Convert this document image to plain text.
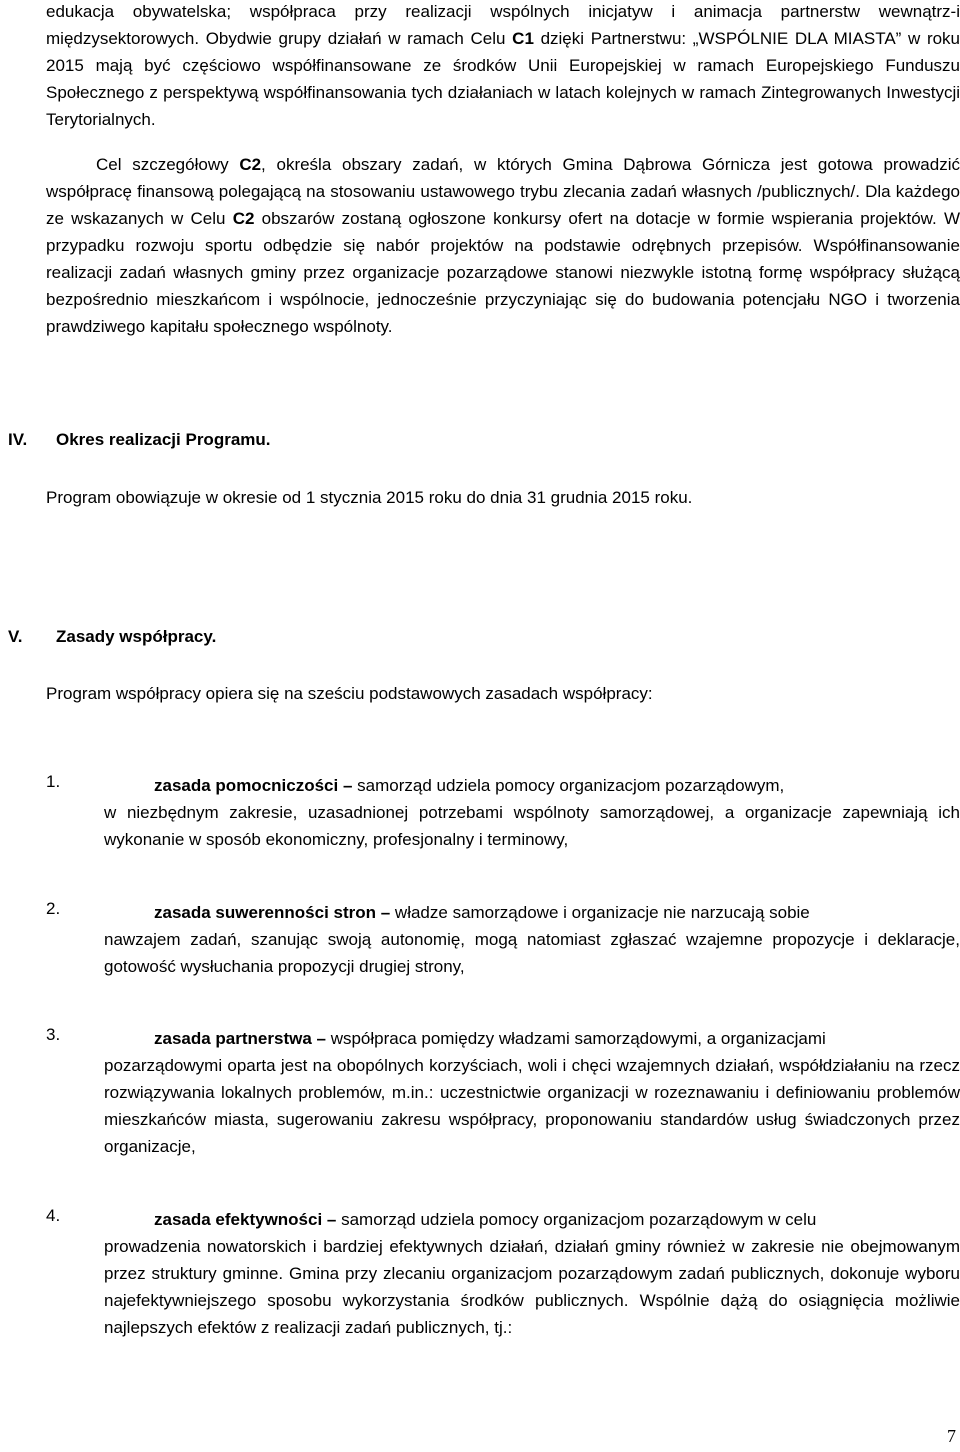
edukacja obywatelska; współpraca przy realizacji wspólnych inicjatyw i animacja partnerstw wewnątrz-i międzysektorowych. Obydwie grupy działań w ramach Celu C1 dzięki Partnerstwu: „WSPÓLNIE DLA MIASTA” w roku 2015 mają być częściowo współfinansowane ze środków Unii Europejskiej w ramach Europejskiego Funduszu Społecznego z perspektywą współfinansowania tych działaniach w latach kolejnych w ramach Zintegrowanych Inwestycji Terytorialnych.

Cel szczegółowy C2, określa obszary zadań, w których Gmina Dąbrowa Górnicza jest gotowa prowadzić współpracę finansową polegającą na stosowaniu ustawowego trybu zlecania zadań własnych /publicznych/. Dla każdego ze wskazanych w Celu C2 obszarów zostaną ogłoszone konkursy ofert na dotacje w formie wspierania projektów. W przypadku rozwoju sportu odbędzie się nabór projektów na podstawie odrębnych przepisów. Współfinansowanie realizacji zadań własnych gminy przez organizacje pozarządowe stanowi niezwykle istotną formę współpracy służącą bezpośrednio mieszkańcom i wspólnocie, jednocześnie przyczyniając się do budowania potencjału NGO i tworzenia prawdziwego kapitału społecznego wspólnoty.

IV. Okres realizacji Programu.

Program obowiązuje w okresie od 1 stycznia 2015 roku do dnia 31 grudnia 2015 roku.

V. Zasady współpracy.

Program współpracy opiera się na sześciu podstawowych zasadach współpracy:

1.	zasada pomocniczości – samorząd udziela pomocy organizacjom pozarządowym,

w niezbędnym zakresie, uzasadnionej potrzebami wspólnoty samorządowej, a organizacje zapewniają ich wykonanie w sposób ekonomiczny, profesjonalny i terminowy,

2.	zasada suwerenności stron – władze samorządowe i organizacje nie narzucają sobie

nawzajem zadań, szanując swoją autonomię, mogą natomiast zgłaszać wzajemne propozycje i deklaracje, gotowość wysłuchania propozycji drugiej strony,

3.	zasada partnerstwa – współpraca pomiędzy władzami samorządowymi, a organizacjami

pozarządowymi oparta jest na obopólnych korzyściach, woli i chęci wzajemnych działań, współdziałaniu na rzecz rozwiązywania lokalnych problemów, m.in.: uczestnictwie organizacji w rozeznawaniu i definiowaniu problemów mieszkańców miasta, sugerowaniu zakresu współpracy, proponowaniu standardów usług świadczonych przez organizacje,

4.	zasada efektywności – samorząd udziela pomocy organizacjom pozarządowym w celu

prowadzenia nowatorskich i bardziej efektywnych działań, działań gminy również w zakresie nie obejmowanym przez struktury gminne. Gmina przy zlecaniu organizacjom pozarządowym zadań publicznych, dokonuje wyboru najefektywniejszego sposobu wykorzystania środków publicznych. Wspólnie dążą do osiągnięcia możliwie najlepszych efektów z realizacji zadań publicznych, tj.:

7
